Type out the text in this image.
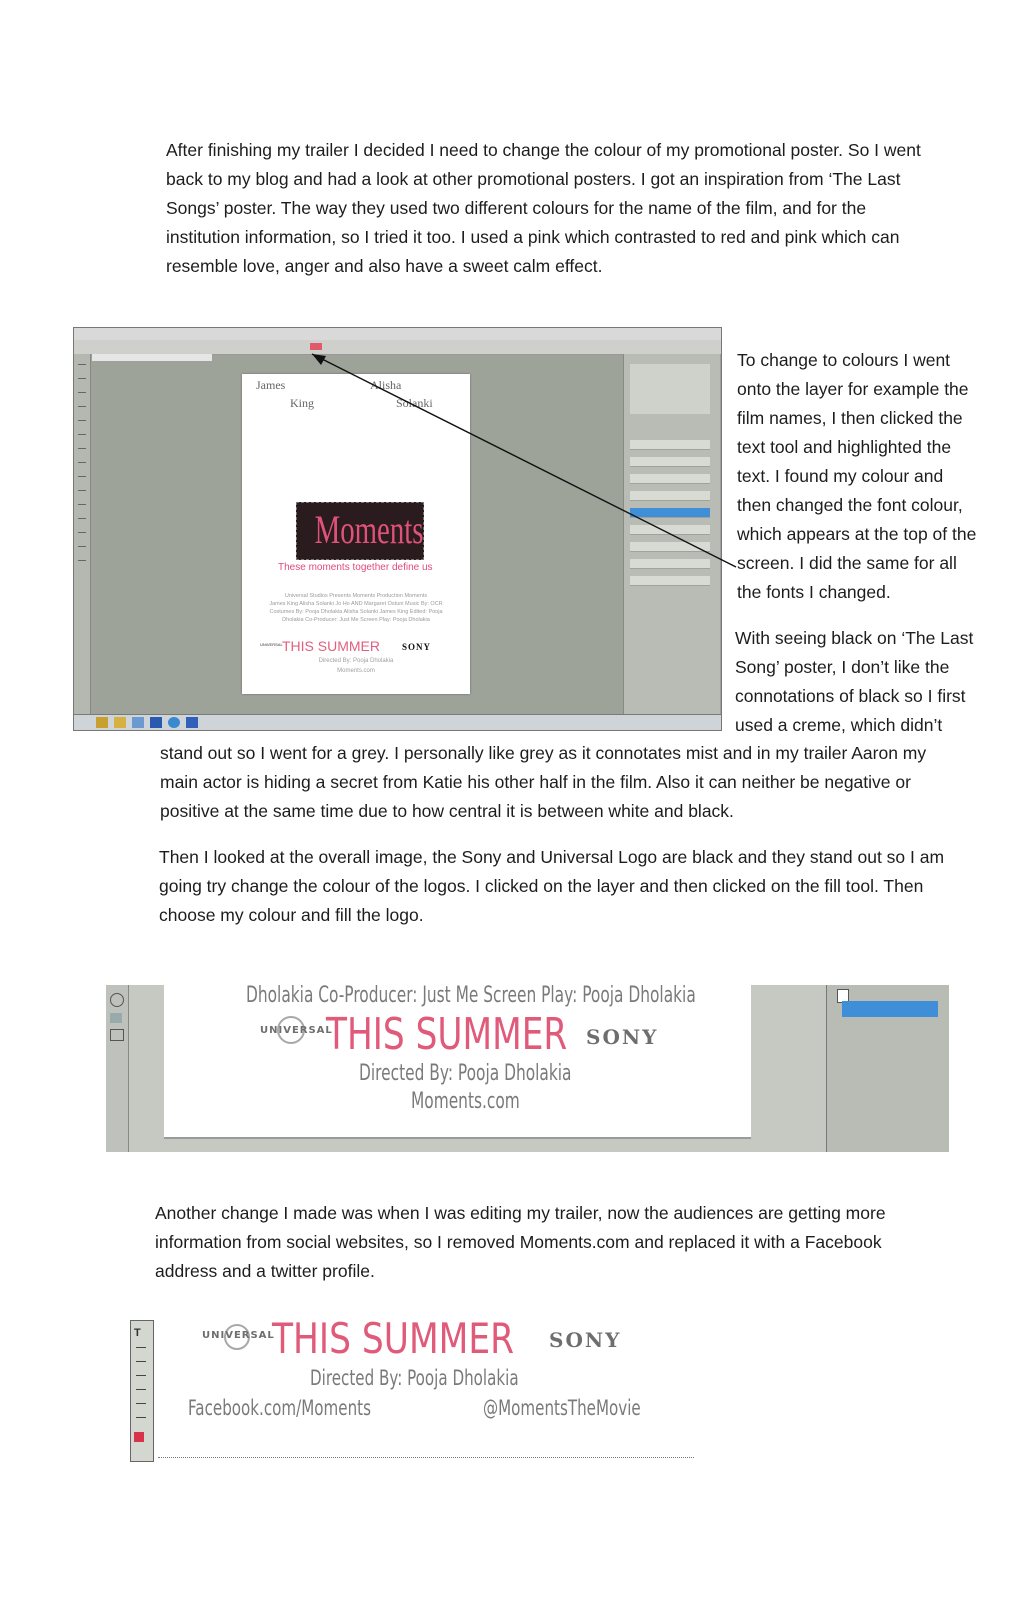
After finishing my trailer I decided I need to change the colour of my promotional poster. So I went
back to my blog and had a look at other promotional posters. I got an inspiration from ‘The Last
Songs’ poster. The way they used two different colours for the name of the film, and for the
institution information, so I tried it too. I used a pink which contrasted to red and pink which can
resemble love, anger and also have a sweet calm effect.
James
King
Alisha
Solanki
Moments
These moments together define us
Universal Studios Presents Moments Production Moments
James King Alisha Solanki Jo Ho AND Margaret Ostuni Music By: OCR
Costumes By: Pooja Dholakia Alisha Solanki James King Edited: Pooja
Dholakia Co-Producer: Just Me Screen Play: Pooja Dholakia
UNIVERSAL THIS SUMMER SONY
Directed By: Pooja Dholakia
Moments.com
To change to colours I went
onto the layer for example the
film names, I then clicked the
text tool and highlighted the
text. I found my colour and
then changed the font colour,
which appears at the top of the
screen. I did the same for all
the fonts I changed.
With seeing black on ‘The Last
Song’ poster, I don’t like the
connotations of black so I first
used a creme, which didn’t
stand out so I went for a grey. I personally like grey as it connotates mist and in my trailer Aaron my
main actor is hiding a secret from Katie his other half in the film. Also it can neither be negative or
positive at the same time due to how central it is between white and black.
Then I looked at the overall image, the Sony and Universal Logo are black and they stand out so I am
going try change the colour of the logos. I clicked on the layer and then clicked on the fill tool. Then
choose my colour and fill the logo.
Dholakia Co-Producer: Just Me Screen Play: Pooja Dholakia
UNIVERSAL
THIS SUMMER SONY
Directed By: Pooja Dholakia
Moments.com
Another change I made was when I was editing my trailer, now the audiences are getting more
information from social websites, so I removed Moments.com and replaced it with a Facebook
address and a twitter profile.
T	UNIVERSAL
THIS SUMMER SONY
Directed By: Pooja Dholakia
Facebook.com/Moments	@MomentsTheMovie
